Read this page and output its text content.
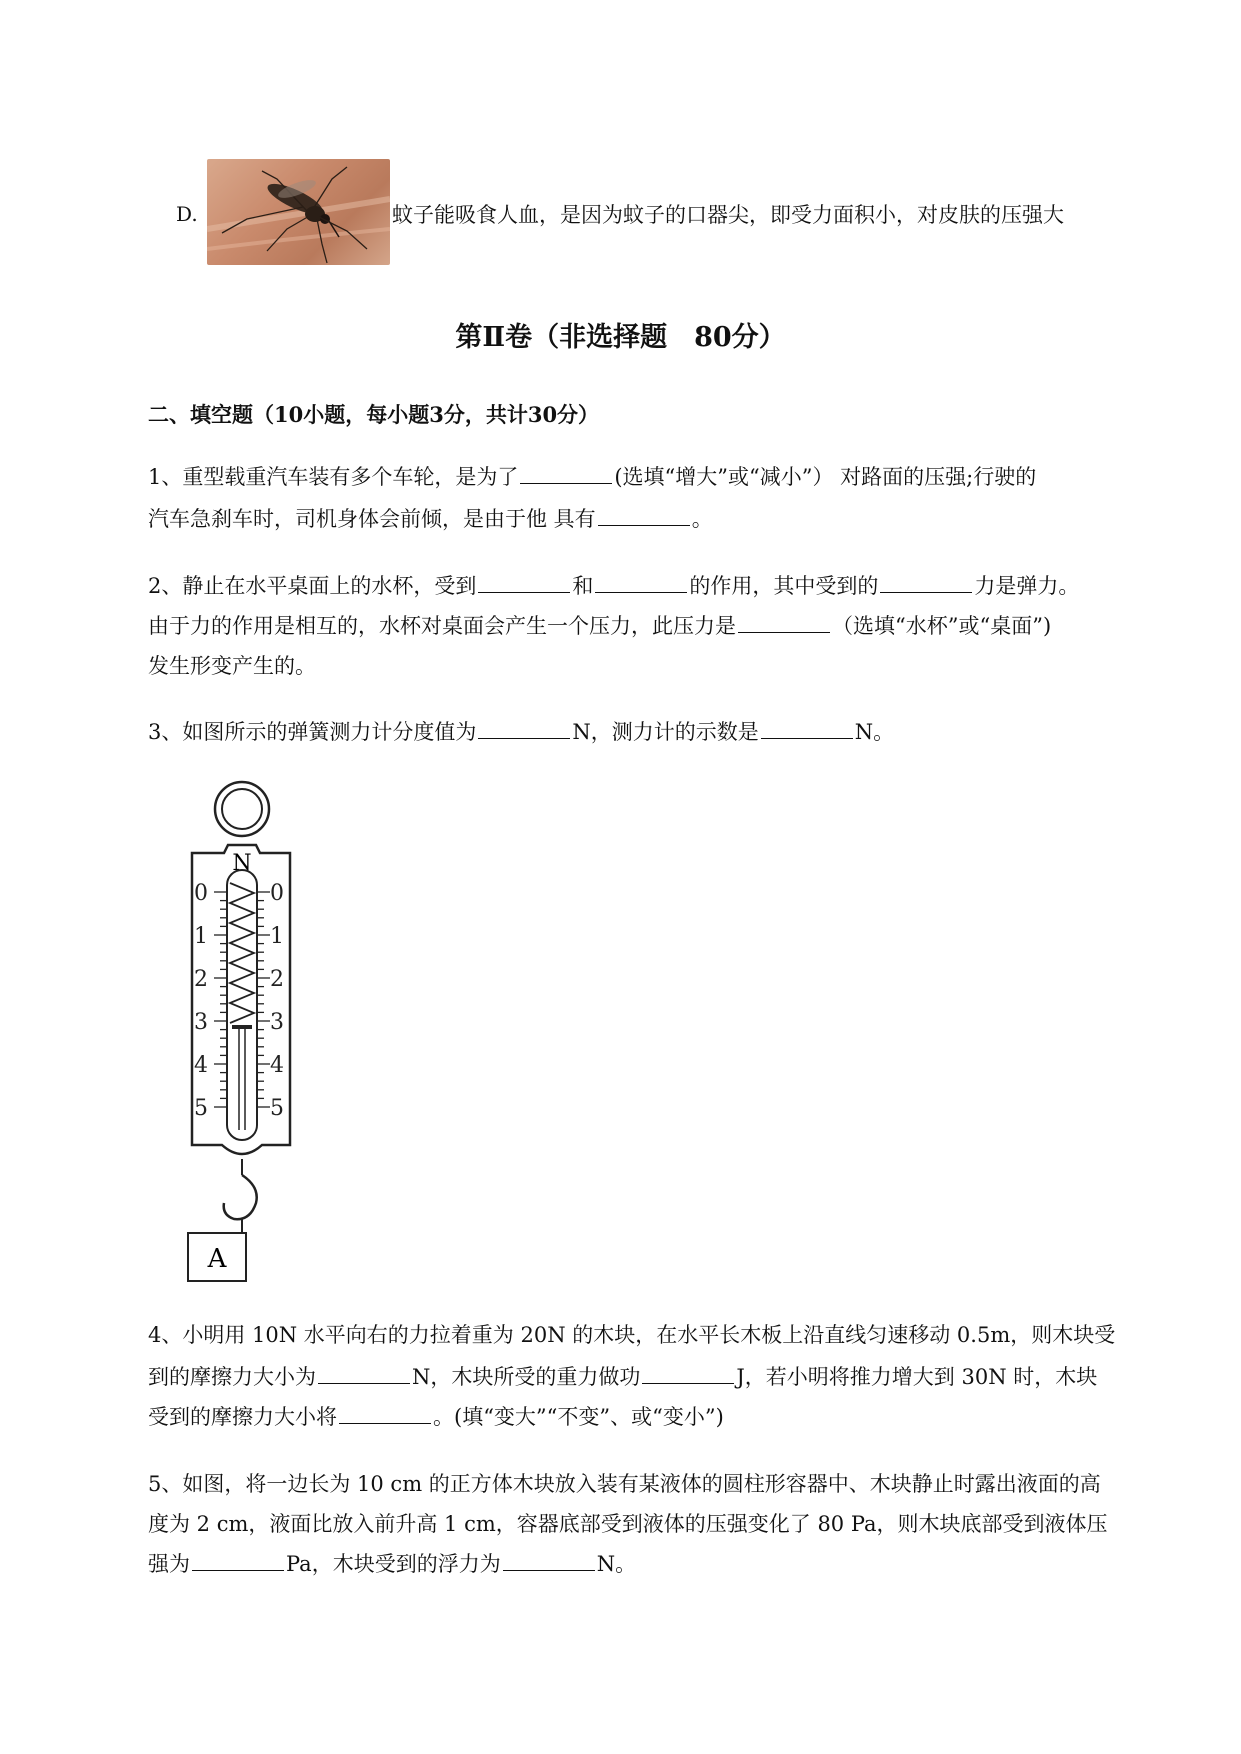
D.	蚊子能吸食人血，是因为蚊子的口器尖，即受力面积小，对皮肤的压强大
第Ⅱ卷（非选择题　80分）
二、填空题（10小题，每小题3分，共计30分）
1、重型载重汽车装有多个车轮，是为了	(选填“增大”或“减小”） 对路面的压强;行驶的
汽车急刹车时，司机身体会前倾，是由于他 具有	。
2、静止在水平桌面上的水杯，受到	和	的作用，其中受到的	力是弹力。
由于力的作用是相互的，水杯对桌面会产生一个压力，此压力是	（选填“水杯”或“桌面”)
发生形变产生的。
3、如图所示的弹簧测力计分度值为	N，测力计的示数是	N。
N
0	0
1	1
2	2
3	3
4	4
5	5
A
4、小明用 10N 水平向右的力拉着重为 20N 的木块，在水平长木板上沿直线匀速移动 0.5m，则木块受
到的摩擦力大小为	N，木块所受的重力做功	J，若小明将推力增大到 30N 时，木块
受到的摩擦力大小将	。(填“变大”“不变”、或“变小”)
5、如图，将一边长为 10 cm 的正方体木块放入装有某液体的圆柱形容器中、木块静止时露出液面的高
度为 2 cm，液面比放入前升高 1 cm，容器底部受到液体的压强变化了 80 Pa，则木块底部受到液体压
强为	Pa，木块受到的浮力为	N。
